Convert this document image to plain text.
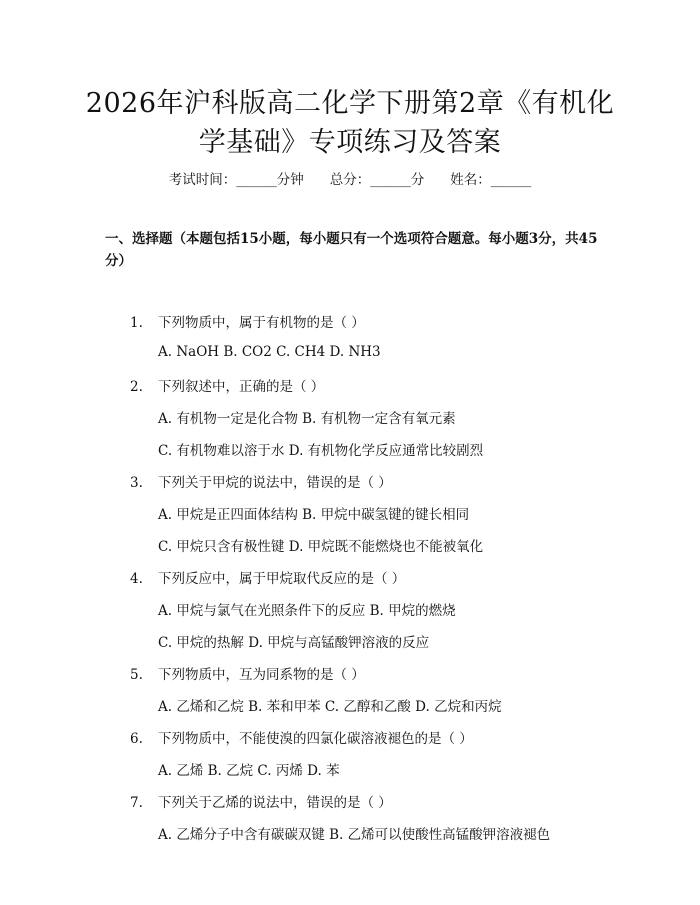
2026年沪科版高二化学下册第2章《有机化
学基础》专项练习及答案
考试时间：______分钟 总分：______分 姓名：______
一、选择题（本题包括15小题，每小题只有一个选项符合题意。每小题3分，共45分）
1. 下列物质中，属于有机物的是（ ）
A. NaOH B. CO2 C. CH4 D. NH3
2. 下列叙述中，正确的是（ ）
A. 有机物一定是化合物 B. 有机物一定含有氧元素
C. 有机物难以溶于水 D. 有机物化学反应通常比较剧烈
3. 下列关于甲烷的说法中，错误的是（ ）
A. 甲烷是正四面体结构 B. 甲烷中碳氢键的键长相同
C. 甲烷只含有极性键 D. 甲烷既不能燃烧也不能被氧化
4. 下列反应中，属于甲烷取代反应的是（ ）
A. 甲烷与氯气在光照条件下的反应 B. 甲烷的燃烧
C. 甲烷的热解 D. 甲烷与高锰酸钾溶液的反应
5. 下列物质中，互为同系物的是（ ）
A. 乙烯和乙烷 B. 苯和甲苯 C. 乙醇和乙酸 D. 乙烷和丙烷
6. 下列物质中，不能使溴的四氯化碳溶液褪色的是（ ）
A. 乙烯 B. 乙烷 C. 丙烯 D. 苯
7. 下列关于乙烯的说法中，错误的是（ ）
A. 乙烯分子中含有碳碳双键 B. 乙烯可以使酸性高锰酸钾溶液褪色
